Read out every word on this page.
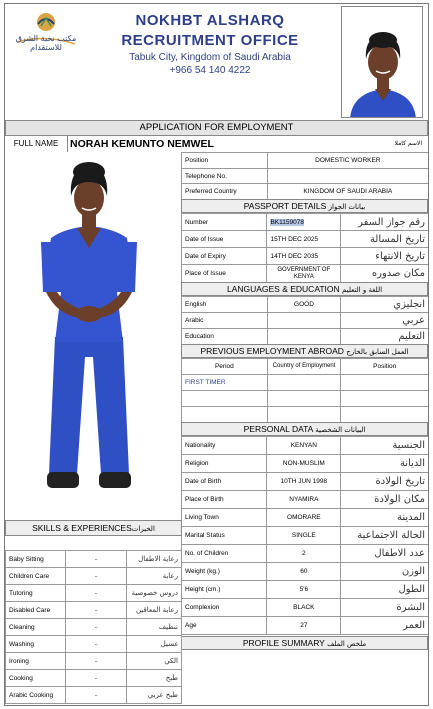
مكتب نخبة الشرق للاستقدام
NOKHBT ALSHARQ
RECRUITMENT OFFICE
Tabuk City, Kingdom of Saudi Arabia
+966 54 140 4222
APPLICATION FOR EMPLOYMENT
FULL NAME	NORAH KEMUNTO NEMWEL	الاسم كاملا
Position	DOMESTIC WORKER
Telephone No.	
Preferred Country	KINGDOM OF SAUDI ARABIA
PASSPORT DETAILS بيانات الجواز
Number	BK1159078	رقم جواز السفر
Date of Issue	15TH DEC 2025	تاريخ المسالة
Date of Expiry	14TH DEC 2035	تاريخ الانتهاء
Place of Issue	GOVERNMENT OF KENYA	مكان صدوره
LANGUAGES & EDUCATION اللغة و التعليم
English	GOOD	انجليزي
Arabic		عربي
Education		التعليم
PREVIOUS EMPLOYMENT ABROAD العمل السابق بالخارج
Period	Country of Employment	Position
FIRST TIMER		

PERSONAL DATA البيانات الشخصية
Nationality	KENYAN	الجنسية
Religion	NON-MUSLIM	الديانة
Date of Birth	10TH JUN 1998	تاريخ الولادة
Place of Birth	NYAMIRA	مكان الولادة
Living Town	OMORARE	المدينة
Marital Status	SINGLE	الحالة الاجتماعية
No. of Children	2	عدد الاطفال
Weight (kg.)	60	الوزن
Height (cm.)	5'6	الطول
Complexion	BLACK	البشرة
Age	27	العمر
PROFILE SUMMARY ملخص الملف
SKILLS & EXPERIENCESالخبرات
Baby Sitting	-	رعاية الاطفال
Children Care	-	رعاية
Tutoring	-	دروس خصوصية
Disabled Care	-	رعاية المعاقين
Cleaning	-	تنظيف
Washing	-	غسيل
Ironing	-	الكي
Cooking	-	طبخ
Arabic Cooking	-	طبخ عربي
